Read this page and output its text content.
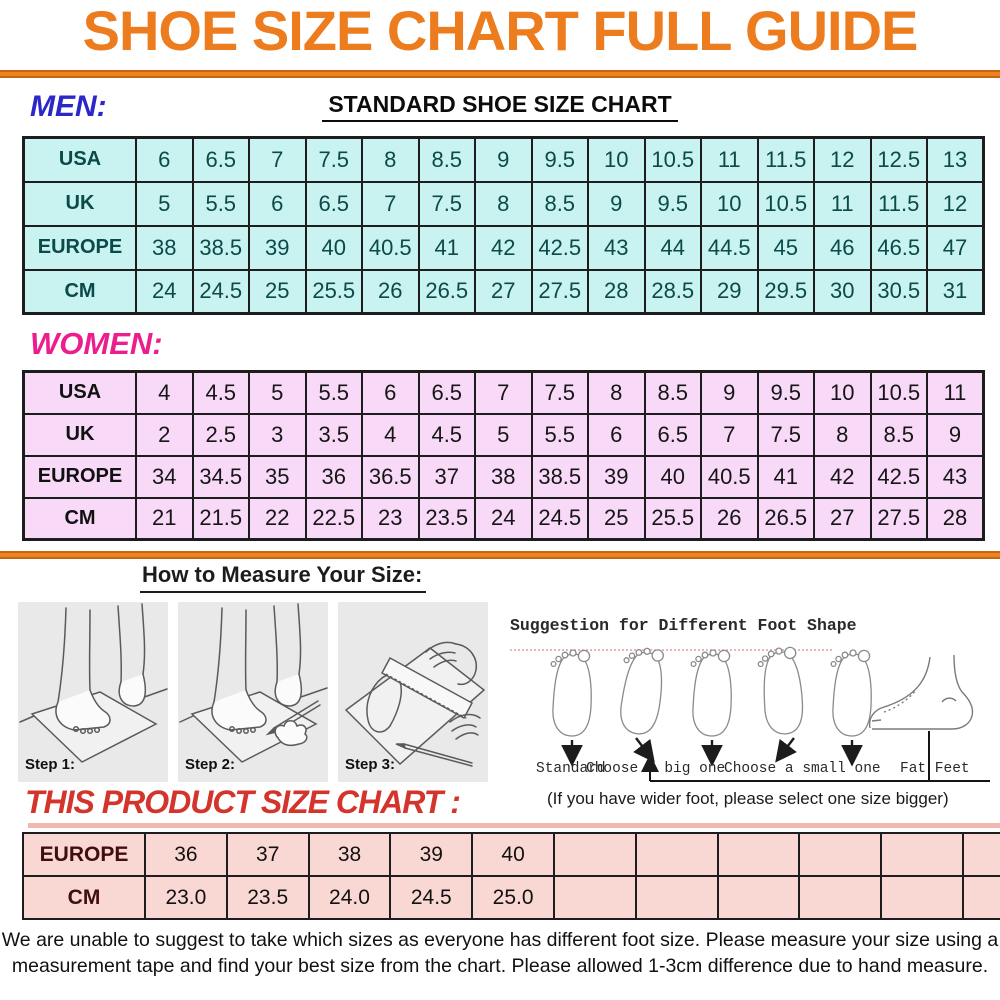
SHOE SIZE CHART FULL GUIDE
MEN:	STANDARD SHOE SIZE CHART
USA	6	6.5	7	7.5	8	8.5	9	9.5	10	10.5	11	11.5	12	12.5	13
UK	5	5.5	6	6.5	7	7.5	8	8.5	9	9.5	10	10.5	11	11.5	12
EUROPE	38	38.5	39	40	40.5	41	42	42.5	43	44	44.5	45	46	46.5	47
CM	24	24.5	25	25.5	26	26.5	27	27.5	28	28.5	29	29.5	30	30.5	31
WOMEN:
USA	4	4.5	5	5.5	6	6.5	7	7.5	8	8.5	9	9.5	10	10.5	11
UK	2	2.5	3	3.5	4	4.5	5	5.5	6	6.5	7	7.5	8	8.5	9
EUROPE	34	34.5	35	36	36.5	37	38	38.5	39	40	40.5	41	42	42.5	43
CM	21	21.5	22	22.5	23	23.5	24	24.5	25	25.5	26	26.5	27	27.5	28
How to Measure Your Size:
Step 1:	Step 2:	Step 3:
Suggestion for Different Foot Shape
Standard
Choose a big one
Choose a small one Fat Feet
THIS PRODUCT SIZE CHART :	(If you have wider foot, please select one size bigger)
EUROPE	36	37	38	39	40						
CM	23.0	23.5	24.0	24.5	25.0						
We are unable to suggest to take which sizes as everyone has different foot size. Please measure your size using a
measurement tape and find your best size from the chart. Please allowed 1-3cm difference due to hand measure.
